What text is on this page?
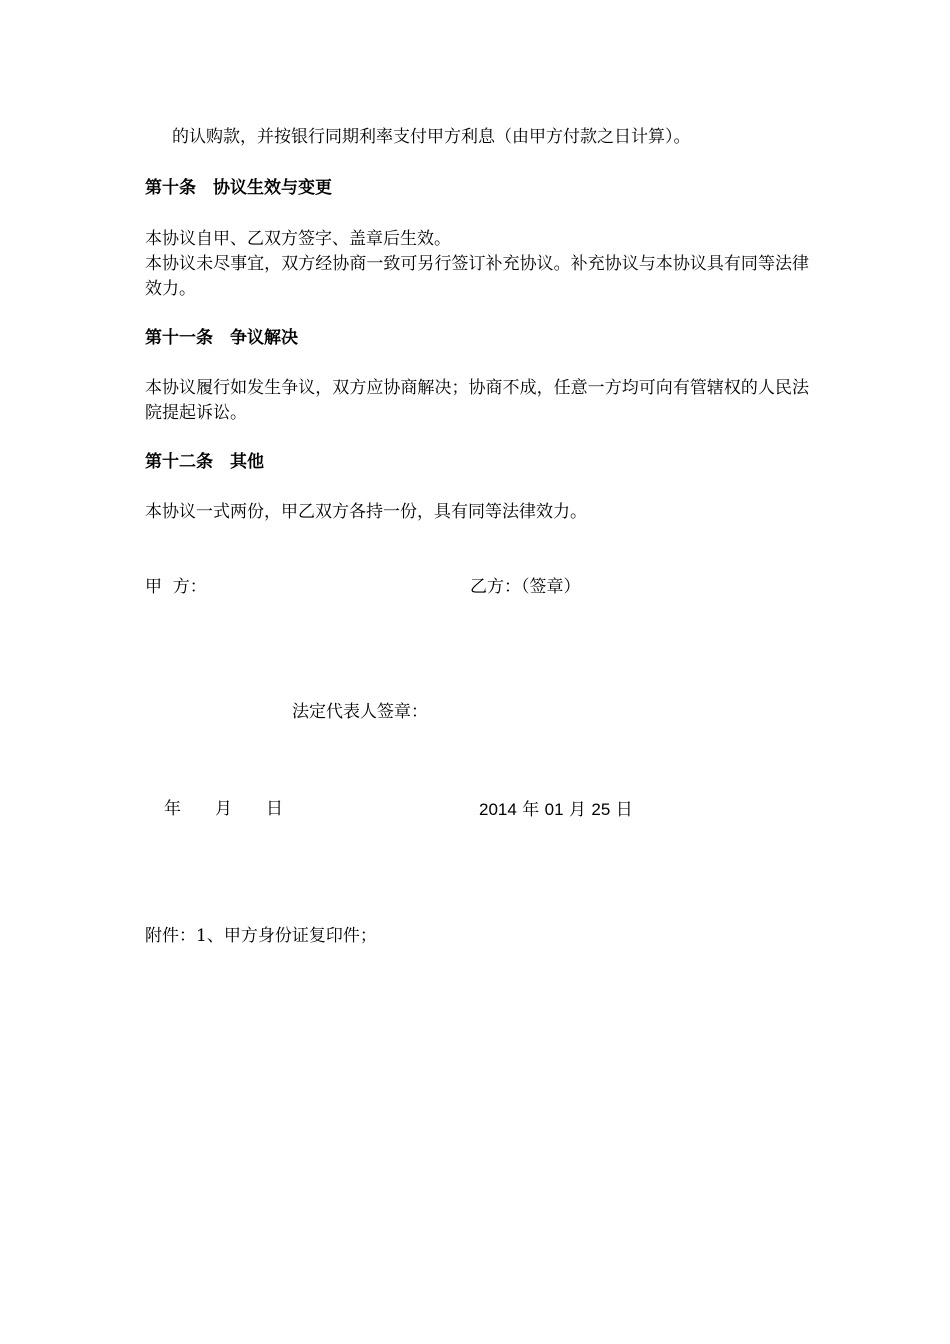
的认购款，并按银行同期利率支付甲方利息（由甲方付款之日计算）。
第十条　协议生效与变更
本协议自甲、乙双方签字、盖章后生效。
本协议未尽事宜，双方经协商一致可另行签订补充协议。补充协议与本协议具有同等法律效力。
第十一条　争议解决
本协议履行如发生争议，双方应协商解决；协商不成，任意一方均可向有管辖权的人民法院提起诉讼。
第十二条　其他
本协议一式两份，甲乙双方各持一份，具有同等法律效力。
甲  方：	乙方：（签章）
法定代表人签章：
年　　月　　日	2014 年 01 月 25 日
附件：1、甲方身份证复印件；
